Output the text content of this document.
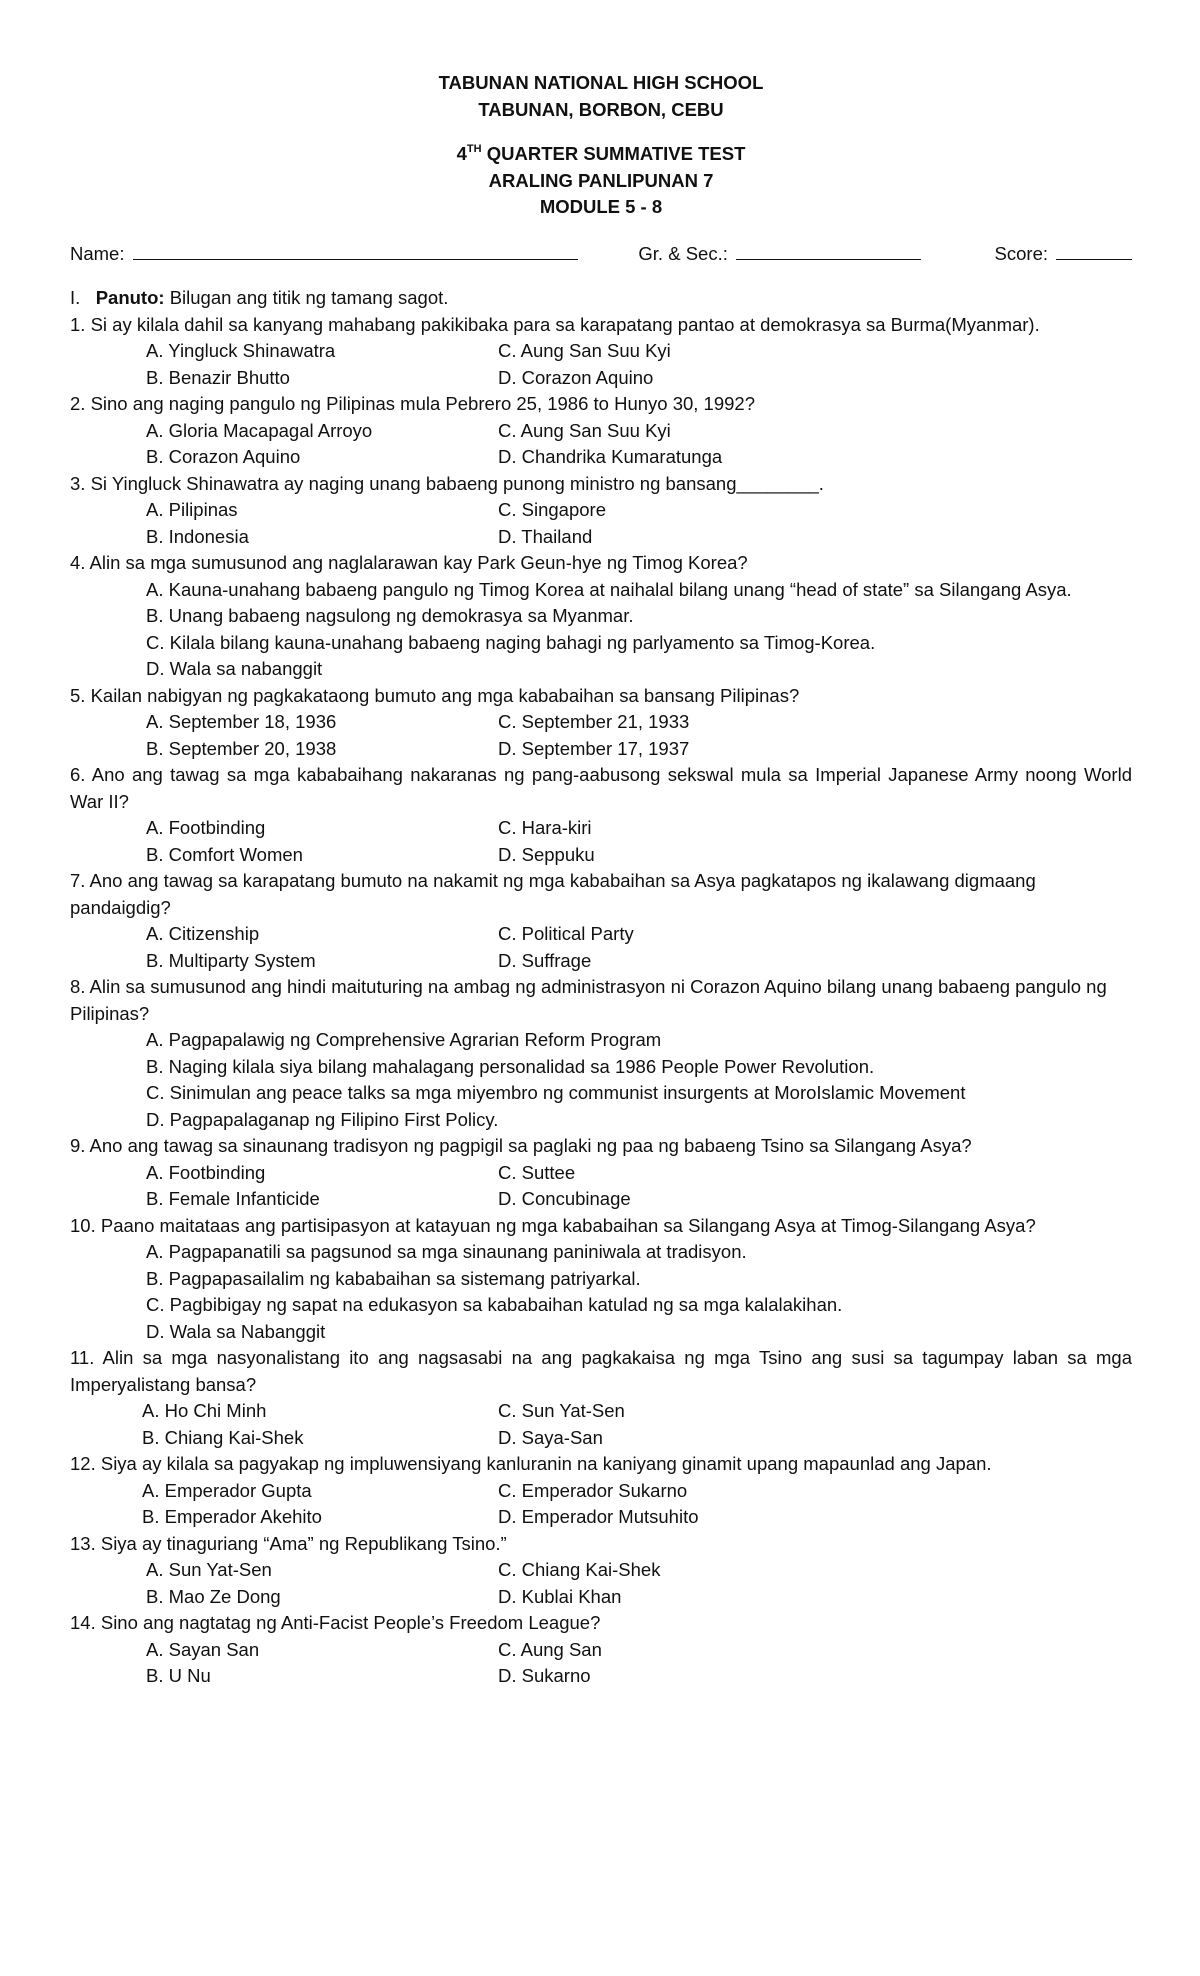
TABUNAN NATIONAL HIGH SCHOOL
TABUNAN, BORBON, CEBU
4TH QUARTER SUMMATIVE TEST
ARALING PANLIPUNAN 7
MODULE 5 - 8
Name:	Gr. & Sec.:	Score:
I. Panuto: Bilugan ang titik ng tamang sagot.
1. Si ay kilala dahil sa kanyang mahabang pakikibaka para sa karapatang pantao at demokrasya sa Burma(Myanmar).
A. Yingluck Shinawatra	C. Aung San Suu Kyi
B. Benazir Bhutto	D. Corazon Aquino
2. Sino ang naging pangulo ng Pilipinas mula Pebrero 25, 1986 to Hunyo 30, 1992?
A. Gloria Macapagal Arroyo	C. Aung San Suu Kyi
B. Corazon Aquino	D. Chandrika Kumaratunga
3. Si Yingluck Shinawatra ay naging unang babaeng punong ministro ng bansang________.
A. Pilipinas	C. Singapore
B. Indonesia	D. Thailand
4. Alin sa mga sumusunod ang naglalarawan kay Park Geun-hye ng Timog Korea?
A. Kauna-unahang babaeng pangulo ng Timog Korea at naihalal bilang unang “head of state” sa Silangang Asya.
B. Unang babaeng nagsulong ng demokrasya sa Myanmar.
C. Kilala bilang kauna-unahang babaeng naging bahagi ng parlyamento sa Timog-Korea.
D. Wala sa nabanggit
5. Kailan nabigyan ng pagkakataong bumuto ang mga kababaihan sa bansang Pilipinas?
A. September 18, 1936	C. September 21, 1933
B. September 20, 1938	D. September 17, 1937
6. Ano ang tawag sa mga kababaihang nakaranas ng pang-aabusong sekswal mula sa Imperial Japanese Army noong World War II?
A. Footbinding	C. Hara-kiri
B. Comfort Women	D. Seppuku
7. Ano ang tawag sa karapatang bumuto na nakamit ng mga kababaihan sa Asya pagkatapos ng ikalawang digmaang pandaigdig?
A. Citizenship	C. Political Party
B. Multiparty System	D. Suffrage
8. Alin sa sumusunod ang hindi maituturing na ambag ng administrasyon ni Corazon Aquino bilang unang babaeng pangulo ng Pilipinas?
A. Pagpapalawig ng Comprehensive Agrarian Reform Program
B. Naging kilala siya bilang mahalagang personalidad sa 1986 People Power Revolution.
C. Sinimulan ang peace talks sa mga miyembro ng communist insurgents at MoroIslamic Movement
D. Pagpapalaganap ng Filipino First Policy.
9. Ano ang tawag sa sinaunang tradisyon ng pagpigil sa paglaki ng paa ng babaeng Tsino sa Silangang Asya?
A. Footbinding	C. Suttee
B. Female Infanticide	D. Concubinage
10. Paano maitataas ang partisipasyon at katayuan ng mga kababaihan sa Silangang Asya at Timog-Silangang Asya?
A. Pagpapanatili sa pagsunod sa mga sinaunang paniniwala at tradisyon.
B. Pagpapasailalim ng kababaihan sa sistemang patriyarkal.
C. Pagbibigay ng sapat na edukasyon sa kababaihan katulad ng sa mga kalalakihan.
D. Wala sa Nabanggit
11. Alin sa mga nasyonalistang ito ang nagsasabi na ang pagkakaisa ng mga Tsino ang susi sa tagumpay laban sa mga Imperyalistang bansa?
A. Ho Chi Minh	C. Sun Yat-Sen
B. Chiang Kai-Shek	D. Saya-San
12. Siya ay kilala sa pagyakap ng impluwensiyang kanluranin na kaniyang ginamit upang mapaunlad ang Japan.
A. Emperador Gupta	C. Emperador Sukarno
B. Emperador Akehito	D. Emperador Mutsuhito
13. Siya ay tinaguriang “Ama” ng Republikang Tsino.”
A. Sun Yat-Sen	C. Chiang Kai-Shek
B. Mao Ze Dong	D. Kublai Khan
14. Sino ang nagtatag ng Anti-Facist People’s Freedom League?
A. Sayan San	C. Aung San
B. U Nu	D. Sukarno
